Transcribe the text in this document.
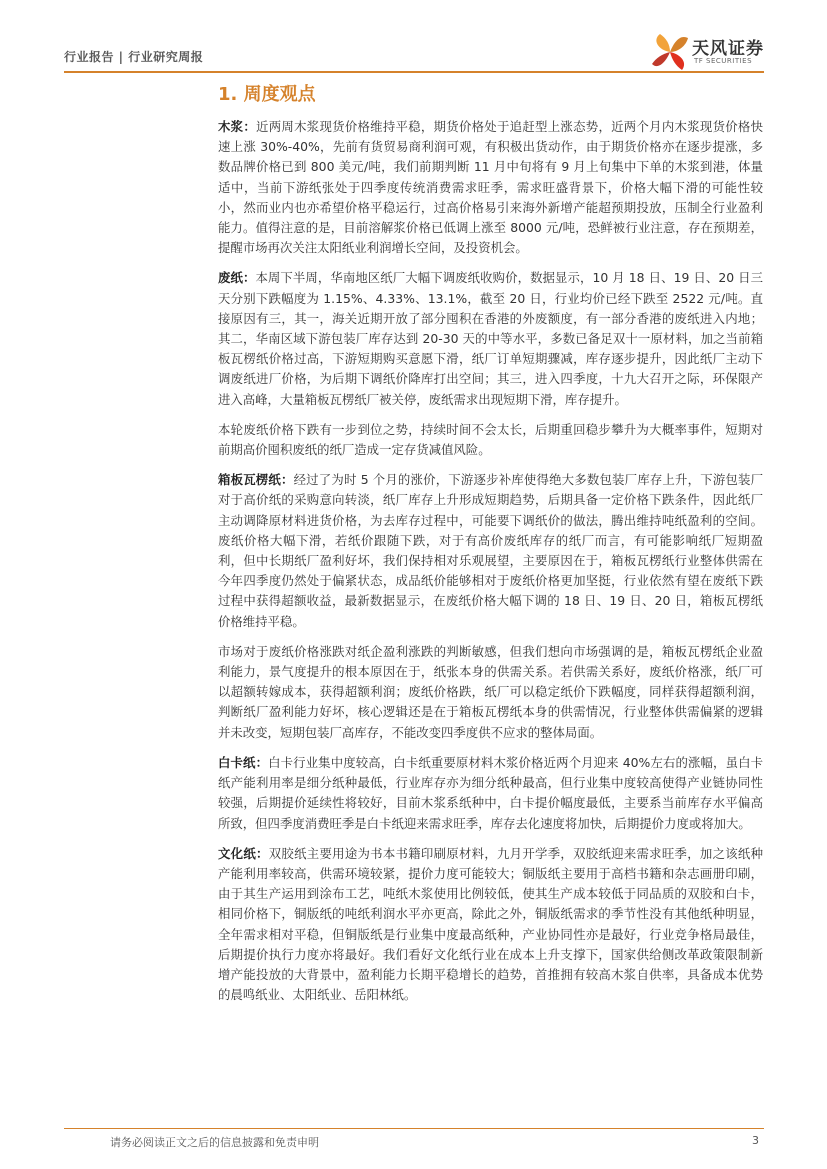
行业报告 | 行业研究周报	天风证券
TF SECURITIES
1. 周度观点

木浆：近两周木浆现货价格维持平稳，期货价格处于追赶型上涨态势，近两个月内木浆现货价格快速上涨 30%-40%，先前有货贸易商利润可观，有积极出货动作，由于期货价格亦在逐步提涨，多数品牌价格已到 800 美元/吨，我们前期判断 11 月中旬将有 9 月上旬集中下单的木浆到港，体量适中，当前下游纸张处于四季度传统消费需求旺季，需求旺盛背景下，价格大幅下滑的可能性较小，然而业内也亦希望价格平稳运行，过高价格易引来海外新增产能超预期投放，压制全行业盈利能力。值得注意的是，目前溶解浆价格已低调上涨至 8000 元/吨，恐鲜被行业注意，存在预期差，提醒市场再次关注太阳纸业利润增长空间，及投资机会。

废纸：本周下半周，华南地区纸厂大幅下调废纸收购价，数据显示，10 月 18 日、19 日、20 日三天分别下跌幅度为 1.15%、4.33%、13.1%，截至 20 日，行业均价已经下跌至 2522 元/吨。直接原因有三，其一，海关近期开放了部分囤积在香港的外废额度，有一部分香港的废纸进入内地；其二，华南区域下游包装厂库存达到 20-30 天的中等水平，多数已备足双十一原材料，加之当前箱板瓦楞纸价格过高，下游短期购买意愿下滑，纸厂订单短期骤减，库存逐步提升，因此纸厂主动下调废纸进厂价格，为后期下调纸价降库打出空间；其三，进入四季度，十九大召开之际，环保限产进入高峰，大量箱板瓦楞纸厂被关停，废纸需求出现短期下滑，库存提升。

本轮废纸价格下跌有一步到位之势，持续时间不会太长，后期重回稳步攀升为大概率事件，短期对前期高价囤积废纸的纸厂造成一定存货减值风险。

箱板瓦楞纸：经过了为时 5 个月的涨价，下游逐步补库使得绝大多数包装厂库存上升，下游包装厂对于高价纸的采购意向转淡，纸厂库存上升形成短期趋势，后期具备一定价格下跌条件，因此纸厂主动调降原材料进货价格，为去库存过程中，可能要下调纸价的做法，腾出维持吨纸盈利的空间。废纸价格大幅下滑，若纸价跟随下跌，对于有高价废纸库存的纸厂而言，有可能影响纸厂短期盈利，但中长期纸厂盈利好坏，我们保持相对乐观展望，主要原因在于，箱板瓦楞纸行业整体供需在今年四季度仍然处于偏紧状态，成品纸价能够相对于废纸价格更加坚挺，行业依然有望在废纸下跌过程中获得超额收益，最新数据显示，在废纸价格大幅下调的 18 日、19 日、20 日，箱板瓦楞纸价格维持平稳。

市场对于废纸价格涨跌对纸企盈利涨跌的判断敏感，但我们想向市场强调的是，箱板瓦楞纸企业盈利能力，景气度提升的根本原因在于，纸张本身的供需关系。若供需关系好，废纸价格涨，纸厂可以超额转嫁成本，获得超额利润；废纸价格跌，纸厂可以稳定纸价下跌幅度，同样获得超额利润，判断纸厂盈利能力好坏，核心逻辑还是在于箱板瓦楞纸本身的供需情况，行业整体供需偏紧的逻辑并未改变，短期包装厂高库存，不能改变四季度供不应求的整体局面。

白卡纸：白卡行业集中度较高，白卡纸重要原材料木浆价格近两个月迎来 40%左右的涨幅，虽白卡纸产能利用率是细分纸种最低，行业库存亦为细分纸种最高，但行业集中度较高使得产业链协同性较强，后期提价延续性将较好，目前木浆系纸种中，白卡提价幅度最低，主要系当前库存水平偏高所致，但四季度消费旺季是白卡纸迎来需求旺季，库存去化速度将加快，后期提价力度或将加大。

文化纸：双胶纸主要用途为书本书籍印刷原材料，九月开学季，双胶纸迎来需求旺季，加之该纸种产能利用率较高，供需环境较紧，提价力度可能较大；铜版纸主要用于高档书籍和杂志画册印刷，由于其生产运用到涂布工艺，吨纸木浆使用比例较低，使其生产成本较低于同品质的双胶和白卡，相同价格下，铜版纸的吨纸利润水平亦更高，除此之外，铜版纸需求的季节性没有其他纸种明显，全年需求相对平稳，但铜版纸是行业集中度最高纸种，产业协同性亦是最好，行业竞争格局最佳，后期提价执行力度亦将最好。我们看好文化纸行业在成本上升支撑下，国家供给侧改革政策限制新增产能投放的大背景中，盈利能力长期平稳增长的趋势，首推拥有较高木浆自供率，具备成本优势的晨鸣纸业、太阳纸业、岳阳林纸。

请务必阅读正文之后的信息披露和免责申明	3
